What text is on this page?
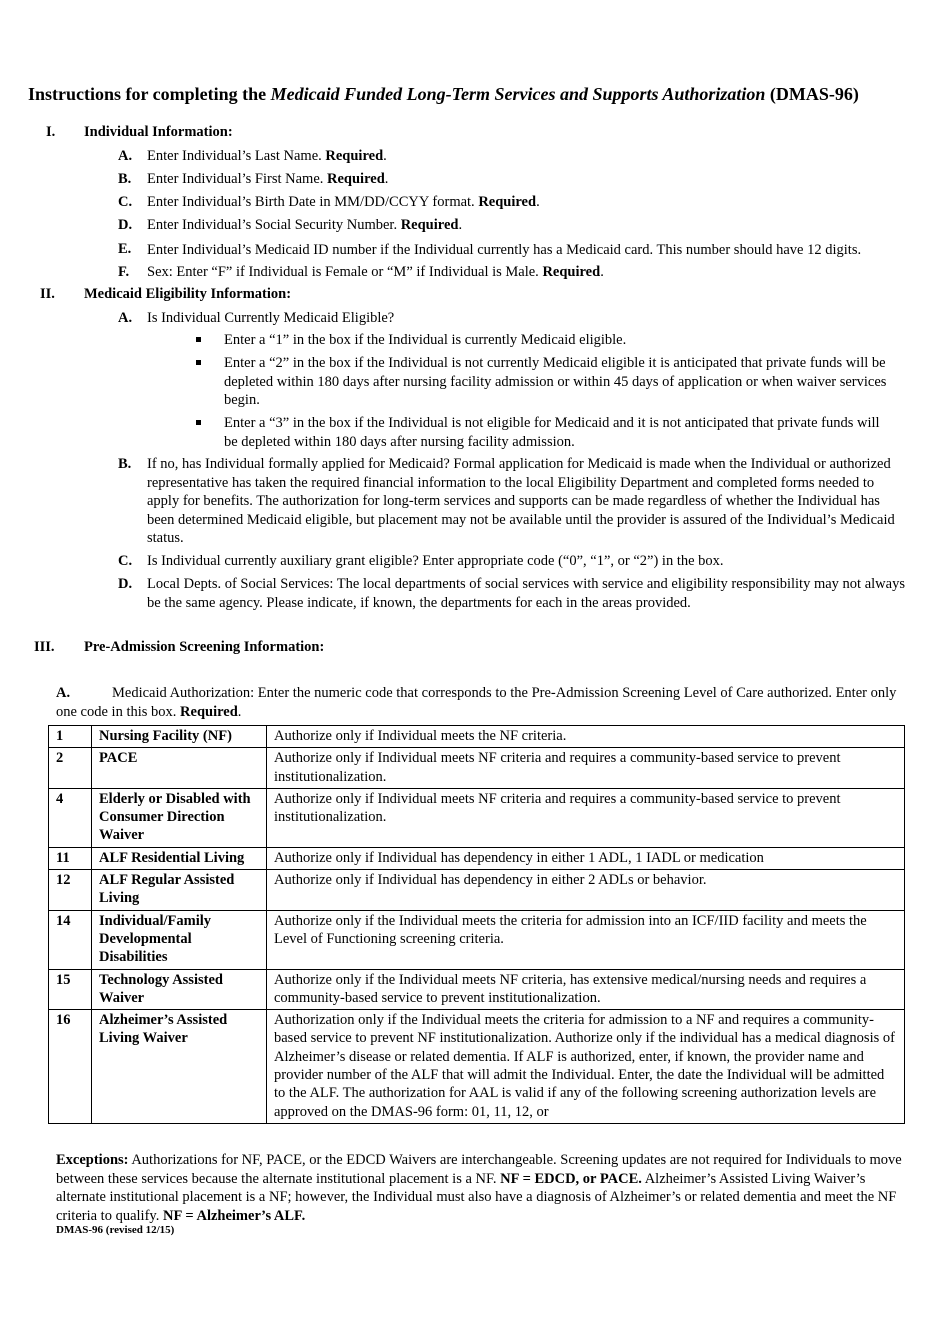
Instructions for completing the Medicaid Funded Long-Term Services and Supports Authorization (DMAS-96)
I. Individual Information:
A. Enter Individual’s Last Name. Required.
B. Enter Individual’s First Name. Required.
C. Enter Individual’s Birth Date in MM/DD/CCYY format. Required.
D. Enter Individual’s Social Security Number. Required.
E. Enter Individual’s Medicaid ID number if the Individual currently has a Medicaid card. This number should have 12 digits.
F. Sex: Enter “F” if Individual is Female or “M” if Individual is Male. Required.
II. Medicaid Eligibility Information:
A. Is Individual Currently Medicaid Eligible?
Enter a “1” in the box if the Individual is currently Medicaid eligible.
Enter a “2” in the box if the Individual is not currently Medicaid eligible it is anticipated that private funds will be depleted within 180 days after nursing facility admission or within 45 days of application or when waiver services begin.
Enter a “3” in the box if the Individual is not eligible for Medicaid and it is not anticipated that private funds will be depleted within 180 days after nursing facility admission.
B. If no, has Individual formally applied for Medicaid? Formal application for Medicaid is made when the Individual or authorized representative has taken the required financial information to the local Eligibility Department and completed forms needed to apply for benefits. The authorization for long-term services and supports can be made regardless of whether the Individual has been determined Medicaid eligible, but placement may not be available until the provider is assured of the Individual’s Medicaid status.
C. Is Individual currently auxiliary grant eligible? Enter appropriate code (“0”, “1”, or “2”) in the box.
D. Local Depts. of Social Services: The local departments of social services with service and eligibility responsibility may not always be the same agency. Please indicate, if known, the departments for each in the areas provided.
III. Pre-Admission Screening Information:
A.	Medicaid Authorization: Enter the numeric code that corresponds to the Pre-Admission Screening Level of Care authorized. Enter only one code in this box. Required.
1	Nursing Facility (NF)	Authorize only if Individual meets the NF criteria.
2	PACE	Authorize only if Individual meets NF criteria and requires a community-based service to prevent institutionalization.
4	Elderly or Disabled with Consumer Direction Waiver	Authorize only if Individual meets NF criteria and requires a community-based service to prevent institutionalization.
11	ALF Residential Living	Authorize only if Individual has dependency in either 1 ADL, 1 IADL or medication
12	ALF Regular Assisted Living	Authorize only if Individual has dependency in either 2 ADLs or behavior.
14	Individual/Family Developmental Disabilities	Authorize only if the Individual meets the criteria for admission into an ICF/IID facility and meets the Level of Functioning screening criteria.
15	Technology Assisted Waiver	Authorize only if the Individual meets NF criteria, has extensive medical/nursing needs and requires a community-based service to prevent institutionalization.
16	Alzheimer’s Assisted Living Waiver	Authorization only if the Individual meets the criteria for admission to a NF and requires a community-based service to prevent NF institutionalization. Authorize only if the individual has a medical diagnosis of Alzheimer’s disease or related dementia. If ALF is authorized, enter, if known, the provider name and provider number of the ALF that will admit the Individual. Enter, the date the Individual will be admitted to the ALF. The authorization for AAL is valid if any of the following screening authorization levels are approved on the DMAS-96 form: 01, 11, 12, or
Exceptions: Authorizations for NF, PACE, or the EDCD Waivers are interchangeable. Screening updates are not required for Individuals to move between these services because the alternate institutional placement is a NF. NF = EDCD, or PACE. Alzheimer’s Assisted Living Waiver’s alternate institutional placement is a NF; however, the Individual must also have a diagnosis of Alzheimer’s or related dementia and meet the NF criteria to qualify. NF = Alzheimer’s ALF.
DMAS-96 (revised 12/15)
